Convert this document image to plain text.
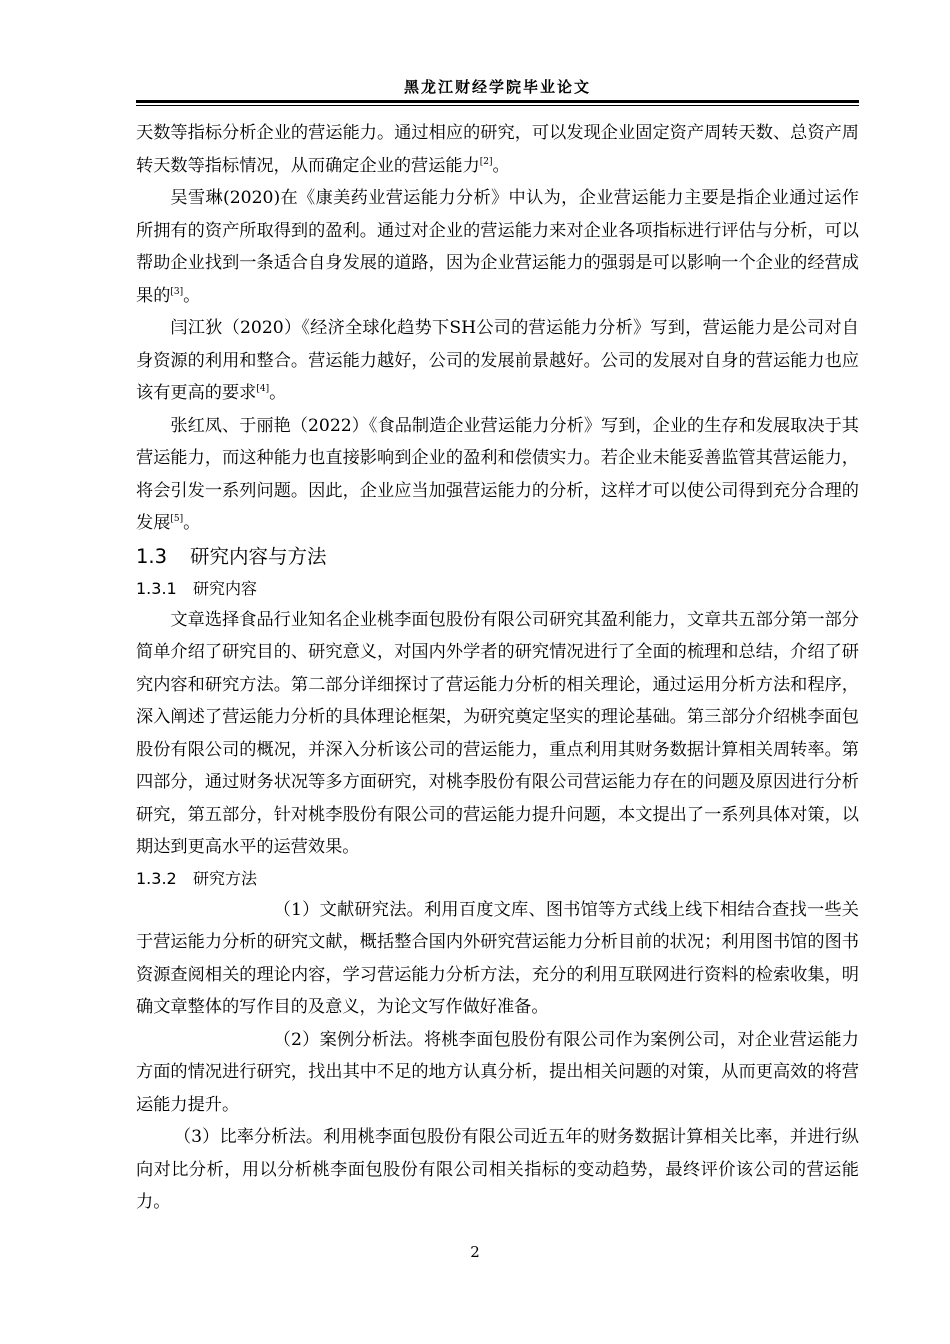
黑龙江财经学院毕业论文

天数等指标分析企业的营运能力。通过相应的研究，可以发现企业固定资产周转天数、总资产周转天数等指标情况，从而确定企业的营运能力[2]。

吴雪琳(2020)在《康美药业营运能力分析》中认为，企业营运能力主要是指企业通过运作所拥有的资产所取得到的盈利。通过对企业的营运能力来对企业各项指标进行评估与分析，可以帮助企业找到一条适合自身发展的道路，因为企业营运能力的强弱是可以影响一个企业的经营成果的[3]。

闫江狄（2020）《经济全球化趋势下SH公司的营运能力分析》写到，营运能力是公司对自身资源的利用和整合。营运能力越好，公司的发展前景越好。公司的发展对自身的营运能力也应该有更高的要求[4]。

张红凤、于丽艳（2022）《食品制造企业营运能力分析》写到，企业的生存和发展取决于其营运能力，而这种能力也直接影响到企业的盈利和偿债实力。若企业未能妥善监管其营运能力，将会引发一系列问题。因此，企业应当加强营运能力的分析，这样才可以使公司得到充分合理的发展[5]。

1.3 研究内容与方法
1.3.1 研究内容

文章选择食品行业知名企业桃李面包股份有限公司研究其盈利能力，文章共五部分第一部分简单介绍了研究目的、研究意义，对国内外学者的研究情况进行了全面的梳理和总结，介绍了研究内容和研究方法。第二部分详细探讨了营运能力分析的相关理论，通过运用分析方法和程序，深入阐述了营运能力分析的具体理论框架，为研究奠定坚实的理论基础。第三部分介绍桃李面包股份有限公司的概况，并深入分析该公司的营运能力，重点利用其财务数据计算相关周转率。第四部分，通过财务状况等多方面研究，对桃李股份有限公司营运能力存在的问题及原因进行分析研究，第五部分，针对桃李股份有限公司的营运能力提升问题，本文提出了一系列具体对策，以期达到更高水平的运营效果。

1.3.2 研究方法

（1）文献研究法。利用百度文库、图书馆等方式线上线下相结合查找一些关于营运能力分析的研究文献，概括整合国内外研究营运能力分析目前的状况；利用图书馆的图书资源查阅相关的理论内容，学习营运能力分析方法，充分的利用互联网进行资料的检索收集，明确文章整体的写作目的及意义，为论文写作做好准备。

（2）案例分析法。将桃李面包股份有限公司作为案例公司，对企业营运能力方面的情况进行研究，找出其中不足的地方认真分析，提出相关问题的对策，从而更高效的将营运能力提升。

（3）比率分析法。利用桃李面包股份有限公司近五年的财务数据计算相关比率，并进行纵向对比分析，用以分析桃李面包股份有限公司相关指标的变动趋势，最终评价该公司的营运能力。

2
